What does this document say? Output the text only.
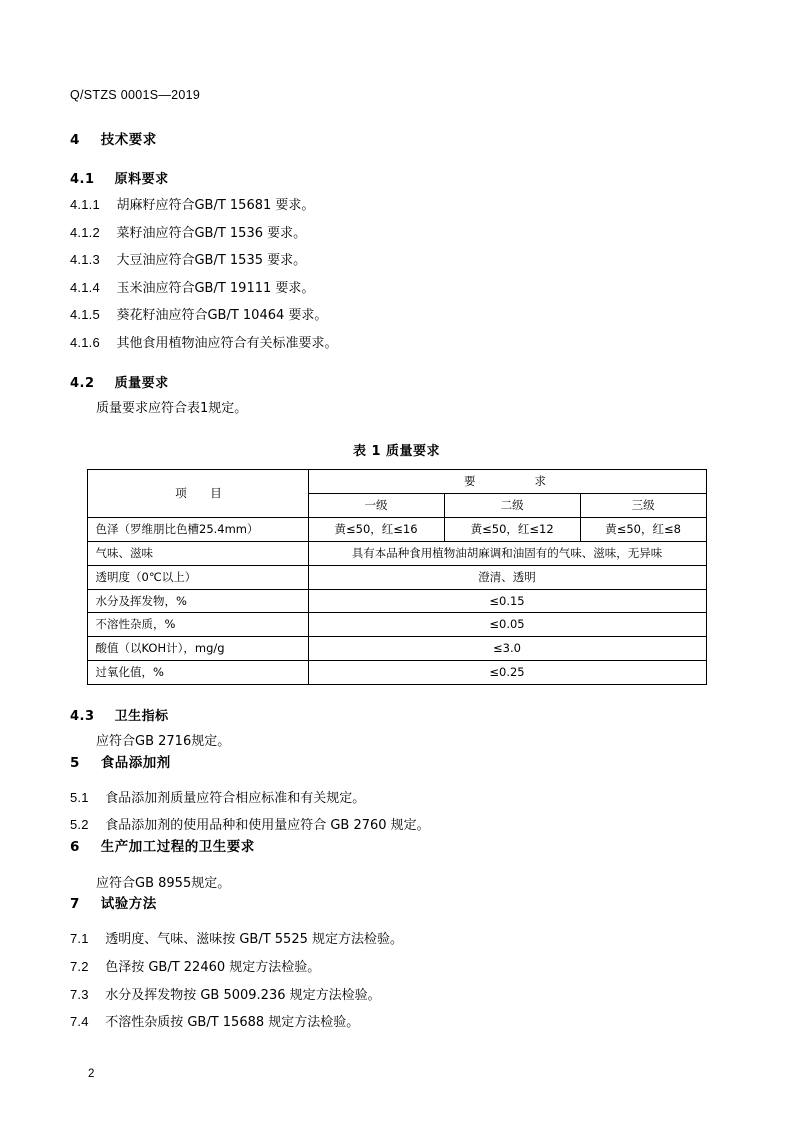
Q/STZS 0001S—2019
4 技术要求
4.1 原料要求

4.1.1 胡麻籽应符合GB/T 15681 要求。

4.1.2 菜籽油应符合GB/T 1536 要求。

4.1.3 大豆油应符合GB/T 1535 要求。

4.1.4 玉米油应符合GB/T 19111 要求。

4.1.5 葵花籽油应符合GB/T 10464 要求。

4.1.6 其他食用植物油应符合有关标准要求。

4.2 质量要求

质量要求应符合表1规定。

表 1 质量要求
项　目	要　　求		
	一级	二级	三级
色泽（罗维朋比色槽25.4mm）	黄≤50，红≤16	黄≤50，红≤12	黄≤50，红≤8
气味、滋味	具有本品种食用植物油胡麻调和油固有的气味、滋味，无异味		
透明度（0℃以上）	澄清、透明		
水分及挥发物，%	≤0.15		
不溶性杂质，%	≤0.05		
酸值（以KOH计），mg/g	≤3.0		
过氧化值，%	≤0.25		
4.3 卫生指标

应符合GB 2716规定。

5 食品添加剂

5.1 食品添加剂质量应符合相应标准和有关规定。

5.2 食品添加剂的使用品种和使用量应符合 GB 2760 规定。

6 生产加工过程的卫生要求

应符合GB 8955规定。

7 试验方法

7.1 透明度、气味、滋味按 GB/T 5525 规定方法检验。

7.2 色泽按 GB/T 22460 规定方法检验。

7.3 水分及挥发物按 GB 5009.236 规定方法检验。

7.4 不溶性杂质按 GB/T 15688 规定方法检验。

2
